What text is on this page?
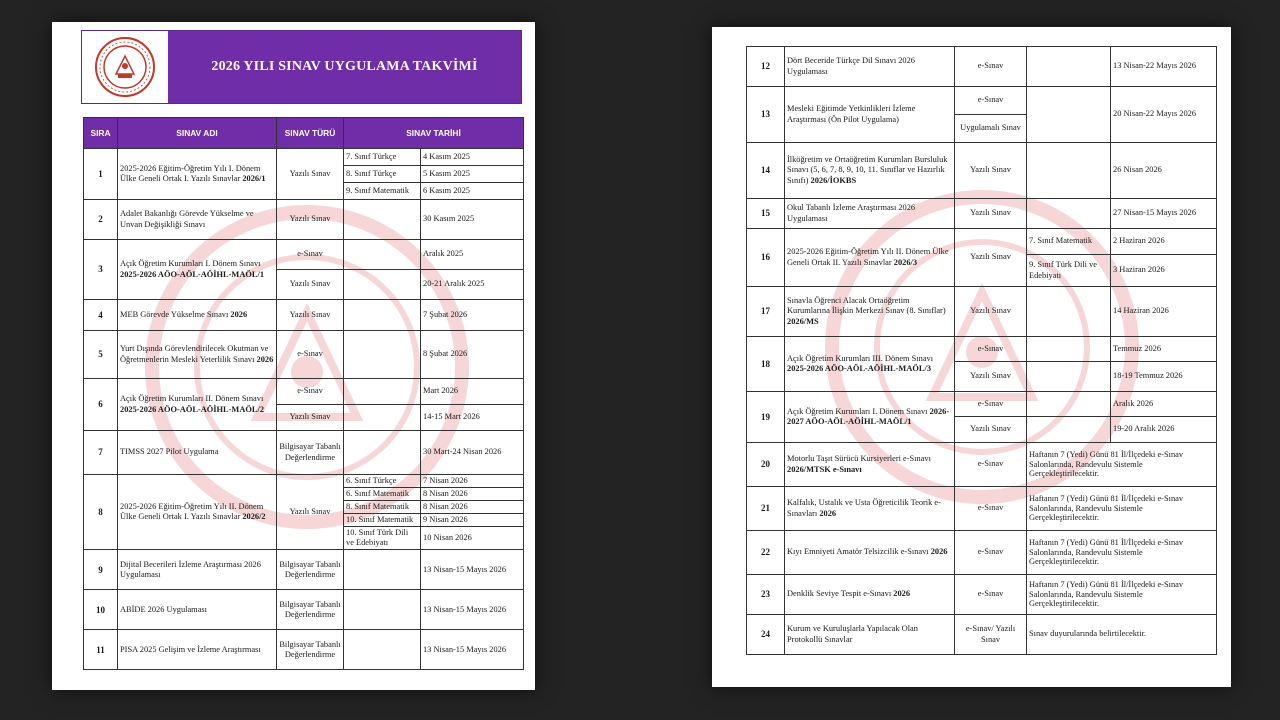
2026 YILI SINAV UYGULAMA TAKVİMİ
SIRA	SINAV ADI	SINAV TÜRÜ	SINAV TARİHİ	
1	2025-2026 Eğitim-Öğretim Yılı I. Dönem Ülke Geneli Ortak I. Yazılı Sınavlar 2026/1	Yazılı Sınav	7. Sınıf Türkçe	4 Kasım 2025
			8. Sınıf Türkçe	5 Kasım 2025
			9. Sınıf Matematik	6 Kasım 2025
2	Adalet Bakanlığı Görevde Yükselme ve Unvan Değişikliği Sınavı	Yazılı Sınav		30 Kasım 2025
3	Açık Öğretim Kurumları I. Dönem Sınavı 2025-2026 AÖO-AÖL-AÖİHL-MAÖL/1	e-Sınav		Aralık 2025
		Yazılı Sınav		20-21 Aralık 2025
4	MEB Görevde Yükselme Sınavı 2026	Yazılı Sınav		7 Şubat 2026
5	Yurt Dışında Görevlendirilecek Okutman ve Öğretmenlerin Mesleki Yeterlilik Sınavı 2026	e-Sınav		8 Şubat 2026
6	Açık Öğretim Kurumları II. Dönem Sınavı 2025-2026 AÖO-AÖL-AÖİHL-MAÖL/2	e-Sınav		Mart 2026
		Yazılı Sınav		14-15 Mart 2026
7	TIMSS 2027 Pilot Uygulama	Bilgisayar Tabanlı Değerlendirme		30 Mart-24 Nisan 2026
8	2025-2026 Eğitim-Öğretim Yılı II. Dönem Ülke Geneli Ortak I. Yazılı Sınavlar 2026/2	Yazılı Sınav	6. Sınıf Türkçe	7 Nisan 2026
			6. Sınıf Matematik	8 Nisan 2026
			8. Sınıf Matematik	8 Nisan 2026
			10. Sınıf Matematik	9 Nisan 2026
			10. Sınıf Türk Dili ve Edebiyatı	10 Nisan 2026
9	Dijital Becerileri İzleme Araştırması 2026 Uygulaması	Bilgisayar Tabanlı Değerlendirme		13 Nisan-15 Mayıs 2026
10	ABİDE 2026 Uygulaması	Bilgisayar Tabanlı Değerlendirme		13 Nisan-15 Mayıs 2026
11	PISA 2025 Gelişim ve İzleme Araştırması	Bilgisayar Tabanlı Değerlendirme		13 Nisan-15 Mayıs 2026
12	Dört Beceride Türkçe Dil Sınavı 2026 Uygulaması	e-Sınav		13 Nisan-22 Mayıs 2026
13	Mesleki Eğitimde Yetkinlikleri İzleme Araştırması (Ön Pilot Uygulama)	e-Sınav		20 Nisan-22 Mayıs 2026
		Uygulamalı Sınav		
14	İlköğretim ve Ortaöğretim Kurumları Bursluluk Sınavı (5, 6, 7, 8, 9, 10, 11. Sınıflar ve Hazırlık Sınıfı) 2026/İOKBS	Yazılı Sınav		26 Nisan 2026
15	Okul Tabanlı İzleme Araştırması 2026 Uygulaması	Yazılı Sınav		27 Nisan-15 Mayıs 2026
16	2025-2026 Eğitim-Öğretim Yılı II. Dönem Ülke Geneli Ortak II. Yazılı Sınavlar 2026/3	Yazılı Sınav	7. Sınıf Matematik	2 Haziran 2026
			9. Sınıf Türk Dili ve Edebiyatı	3 Haziran 2026
17	Sınavla Öğrenci Alacak Ortaöğretim Kurumlarına İlişkin Merkezi Sınav (8. Sınıflar) 2026/MS	Yazılı Sınav		14 Haziran 2026
18	Açık Öğretim Kurumları III. Dönem Sınavı 2025-2026 AÖO-AÖL-AÖİHL-MAÖL/3	e-Sınav		Temmuz 2026
		Yazılı Sınav		18-19 Temmuz 2026
19	Açık Öğretim Kurumları I. Dönem Sınavı 2026-2027 AÖO-AÖL-AÖİHL-MAÖL/1	e-Sınav		Aralık 2026
		Yazılı Sınav		19-20 Aralık 2026
20	Motorlu Taşıt Sürücü Kursiyerleri e-Sınavı 2026/MTSK e-Sınavı	e-Sınav	Haftanın 7 (Yedi) Günü 81 İl/İlçedeki e-Sınav Salonlarında, Randevulu Sistemle Gerçekleştirilecektir.	
21	Kalfalık, Ustalık ve Usta Öğreticilik Teorik e-Sınavları 2026	e-Sınav	Haftanın 7 (Yedi) Günü 81 İl/İlçedeki e-Sınav Salonlarında, Randevulu Sistemle Gerçekleştirilecektir.	
22	Kıyı Emniyeti Amatör Telsizcilik e-Sınavı 2026	e-Sınav	Haftanın 7 (Yedi) Günü 81 İl/İlçedeki e-Sınav Salonlarında, Randevulu Sistemle Gerçekleştirilecektir.	
23	Denklik Seviye Tespit e-Sınavı 2026	e-Sınav	Haftanın 7 (Yedi) Günü 81 İl/İlçedeki e-Sınav Salonlarında, Randevulu Sistemle Gerçekleştirilecektir.	
24	Kurum ve Kuruluşlarla Yapılacak Olan Protokollü Sınavlar	e-Sınav/ Yazılı Sınav	Sınav duyurularında belirtilecektir.	
